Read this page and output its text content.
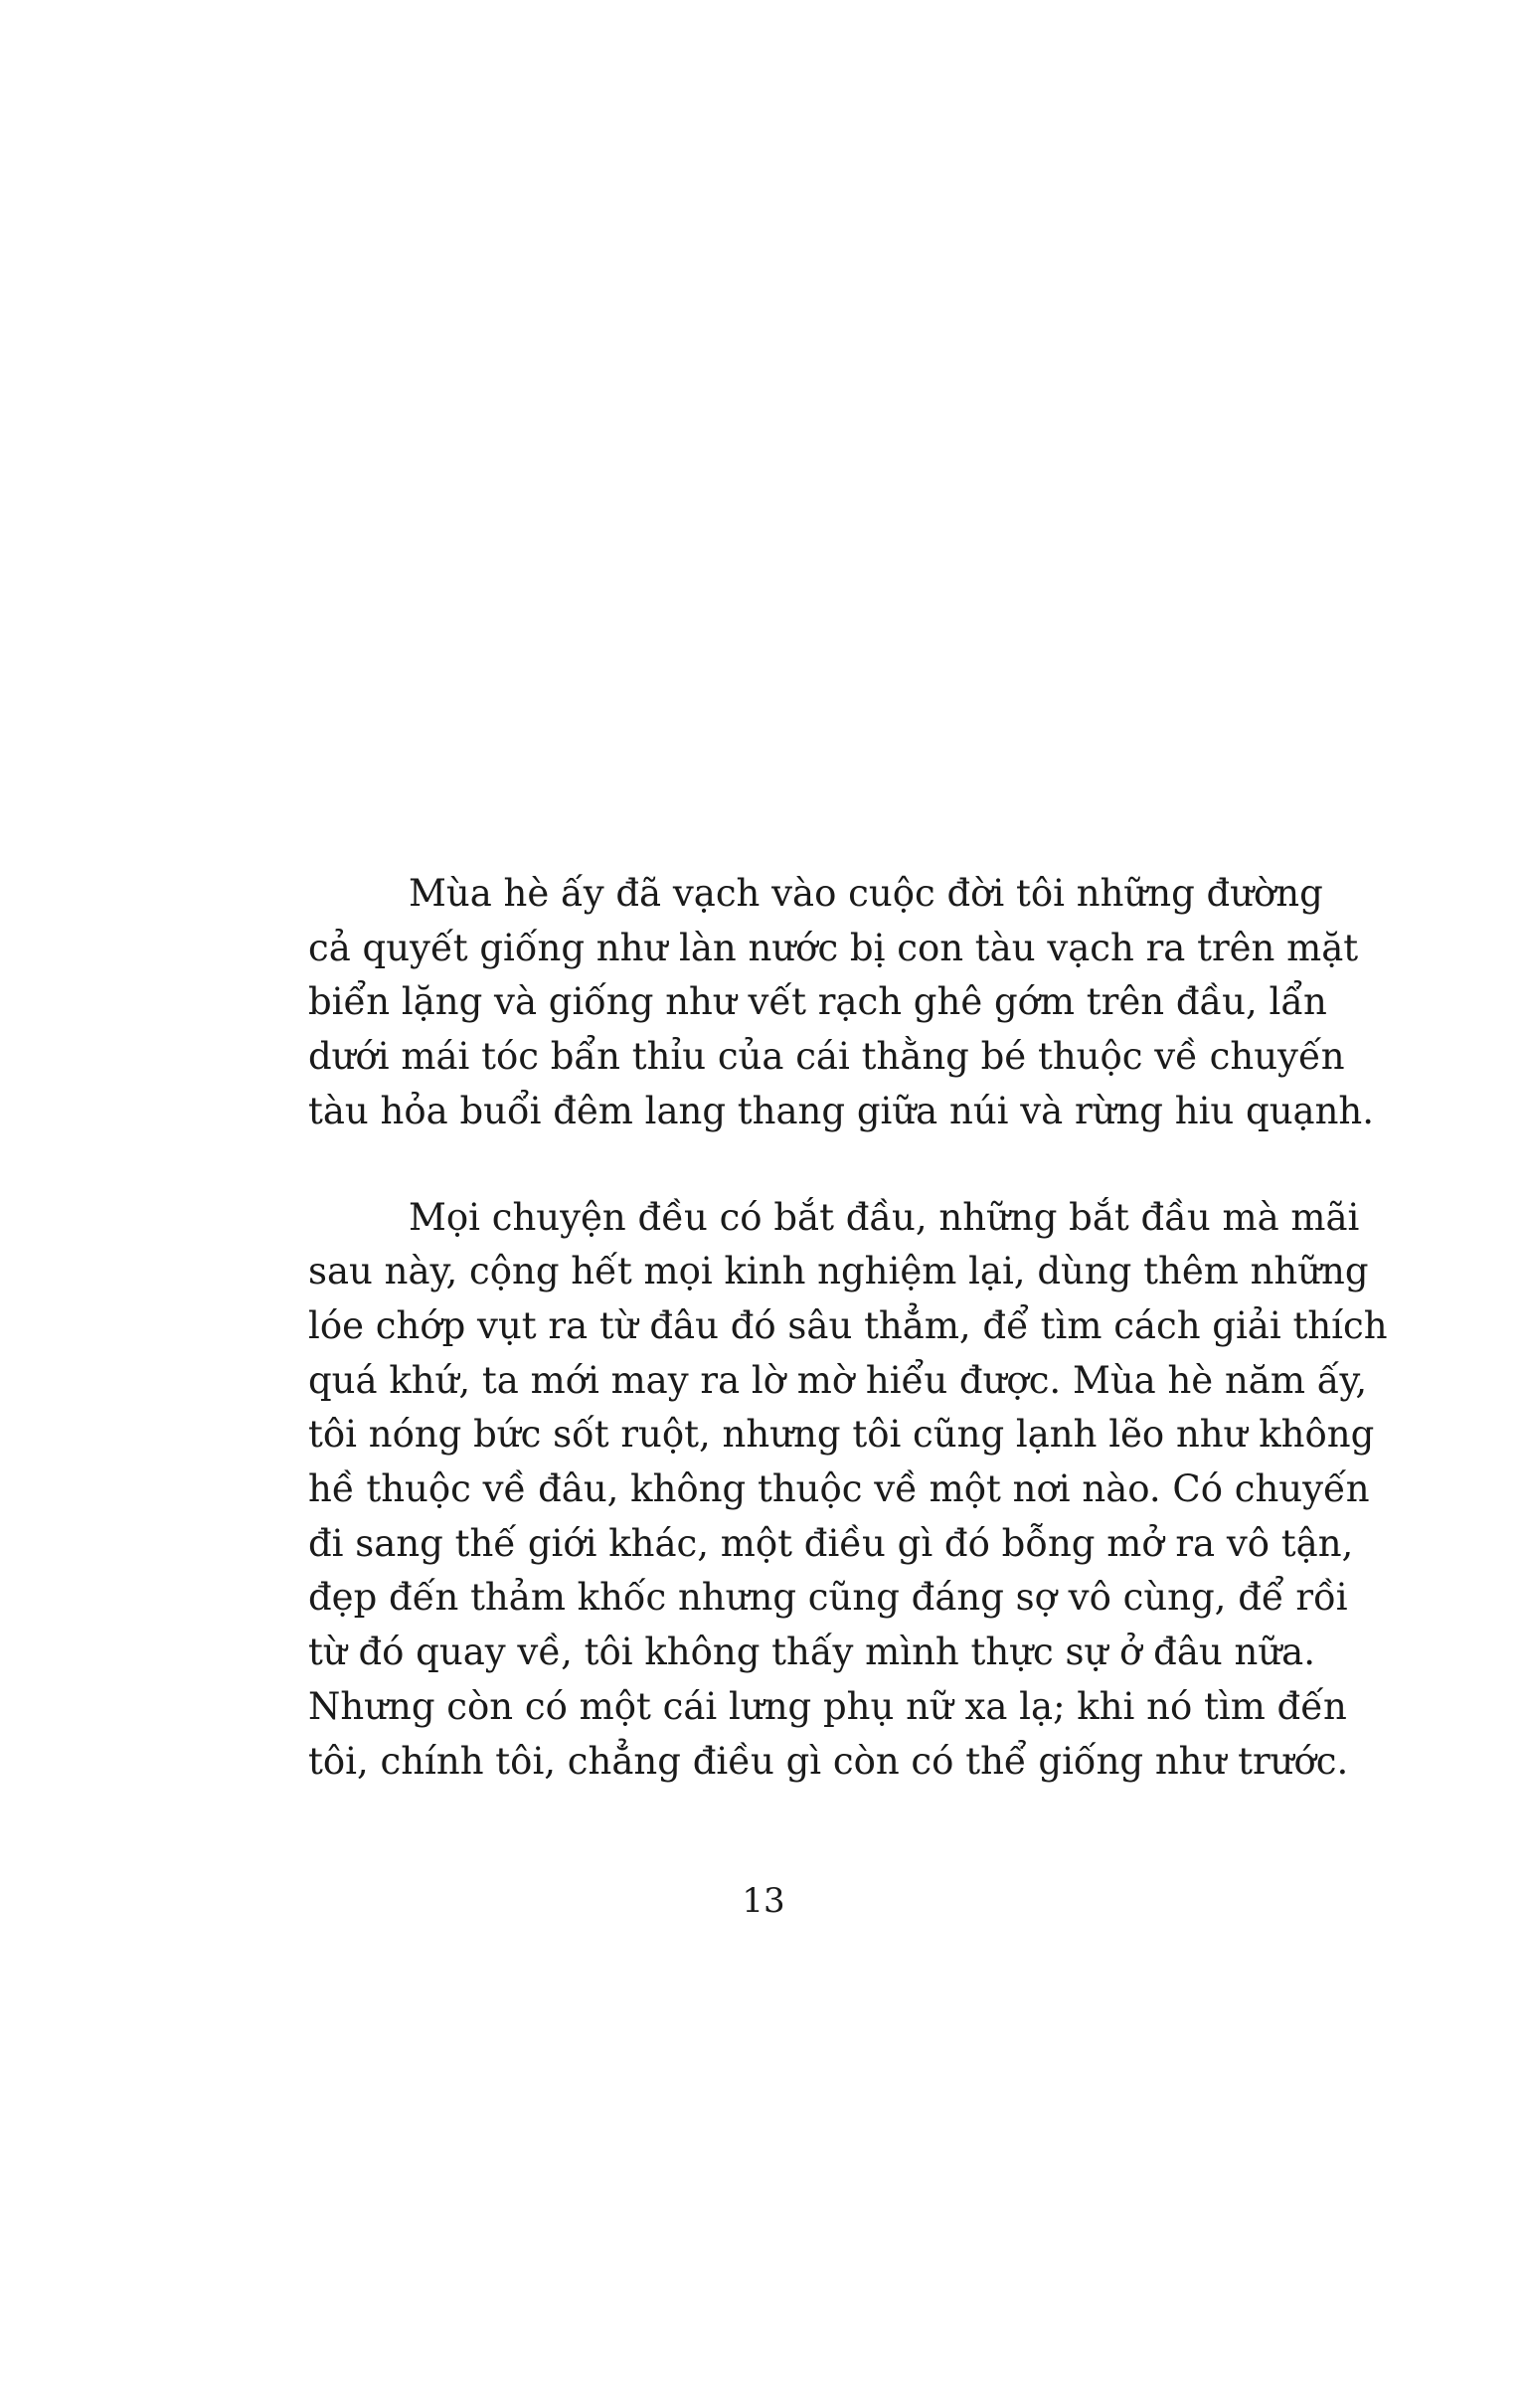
Mùa hè ấy đã vạch vào cuộc đời tôi những đường
cả quyết giống như làn nước bị con tàu vạch ra trên mặt
biển lặng và giống như vết rạch ghê gớm trên đầu, lẩn
dưới mái tóc bẩn thỉu của cái thằng bé thuộc về chuyến
tàu hỏa buổi đêm lang thang giữa núi và rừng hiu quạnh.

Mọi chuyện đều có bắt đầu, những bắt đầu mà mãi
sau này, cộng hết mọi kinh nghiệm lại, dùng thêm những
lóe chớp vụt ra từ đâu đó sâu thẳm, để tìm cách giải thích
quá khứ, ta mới may ra lờ mờ hiểu được. Mùa hè năm ấy,
tôi nóng bức sốt ruột, nhưng tôi cũng lạnh lẽo như không
hề thuộc về đâu, không thuộc về một nơi nào. Có chuyến
đi sang thế giới khác, một điều gì đó bỗng mở ra vô tận,
đẹp đến thảm khốc nhưng cũng đáng sợ vô cùng, để rồi
từ đó quay về, tôi không thấy mình thực sự ở đâu nữa.
Nhưng còn có một cái lưng phụ nữ xa lạ; khi nó tìm đến
tôi, chính tôi, chẳng điều gì còn có thể giống như trước.

13
